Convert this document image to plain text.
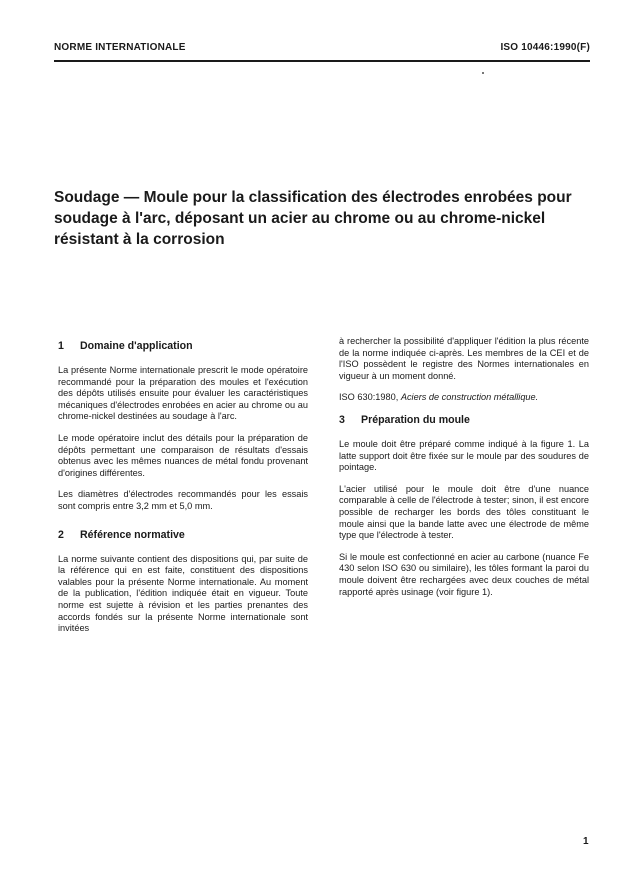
NORME INTERNATIONALE	ISO 10446:1990(F)
Soudage — Moule pour la classification des électrodes enrobées pour soudage à l'arc, déposant un acier au chrome ou au chrome-nickel résistant à la corrosion
1	Domaine d'application

La présente Norme internationale prescrit le mode opératoire recommandé pour la préparation des moules et l'exécution des dépôts utilisés ensuite pour évaluer les caractéristiques mécaniques d'électrodes enrobées en acier au chrome ou au chrome-nickel destinées au soudage à l'arc.

Le mode opératoire inclut des détails pour la préparation de dépôts permettant une comparaison de résultats d'essais obtenus avec les mêmes nuances de métal fondu provenant d'origines différentes.

Les diamètres d'électrodes recommandés pour les essais sont compris entre 3,2 mm et 5,0 mm.

2	Référence normative

La norme suivante contient des dispositions qui, par suite de la référence qui en est faite, constituent des dispositions valables pour la présente Norme internationale. Au moment de la publication, l'édition indiquée était en vigueur. Toute norme est sujette à révision et les parties prenantes des accords fondés sur la présente Norme internationale sont invitées

à rechercher la possibilité d'appliquer l'édition la plus récente de la norme indiquée ci-après. Les membres de la CEI et de l'ISO possèdent le registre des Normes internationales en vigueur à un moment donné.

ISO 630:1980, Aciers de construction métallique.

3	Préparation du moule

Le moule doit être préparé comme indiqué à la figure 1. La latte support doit être fixée sur le moule par des soudures de pointage.

L'acier utilisé pour le moule doit être d'une nuance comparable à celle de l'électrode à tester; sinon, il est encore possible de recharger les bords des tôles constituant le moule ainsi que la bande latte avec une électrode de même type que l'électrode à tester.

Si le moule est confectionné en acier au carbone (nuance Fe 430 selon ISO 630 ou similaire), les tôles formant la paroi du moule doivent être rechargées avec deux couches de métal rapporté après usinage (voir figure 1).

1
